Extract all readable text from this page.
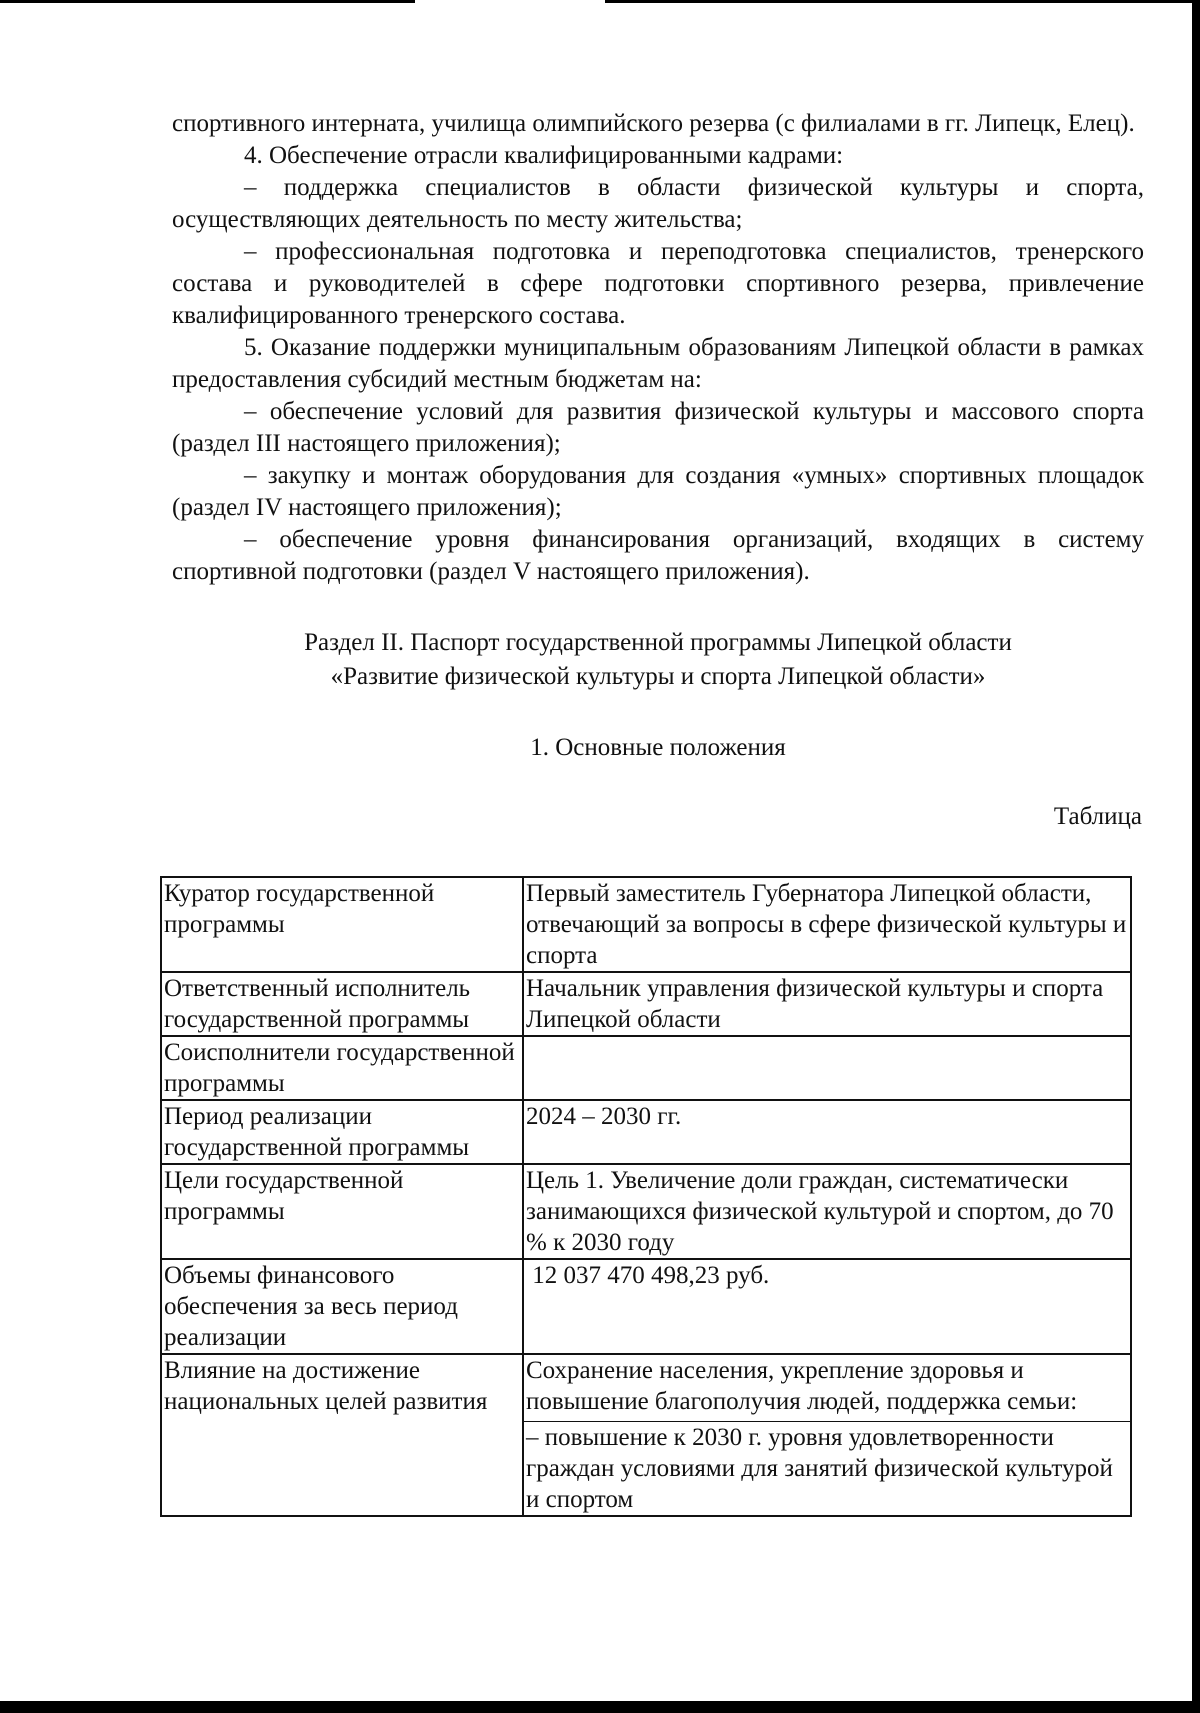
спортивного интерната, училища олимпийского резерва (с филиалами в гг. Липецк, Елец).

4. Обеспечение отрасли квалифицированными кадрами:

– поддержка специалистов в области физической культуры и спорта, осуществляющих деятельность по месту жительства;

– профессиональная подготовка и переподготовка специалистов, тренерского состава и руководителей в сфере подготовки спортивного резерва, привлечение квалифицированного тренерского состава.

5. Оказание поддержки муниципальным образованиям Липецкой области в рамках предоставления субсидий местным бюджетам на:

– обеспечение условий для развития физической культуры и массового спорта (раздел III настоящего приложения);

– закупку и монтаж оборудования для создания «умных» спортивных площадок (раздел IV настоящего приложения);

– обеспечение уровня финансирования организаций, входящих в систему спортивной подготовки (раздел V настоящего приложения).

Раздел II. Паспорт государственной программы Липецкой области
«Развитие физической культуры и спорта Липецкой области»
1. Основные положения
Таблица
Куратор государственной программы	Первый заместитель Губернатора Липецкой области, отвечающий за вопросы в сфере физической культуры и спорта
Ответственный исполнитель государственной программы	Начальник управления физической культуры и спорта Липецкой области
Соисполнители государственной программы	
Период реализации государственной программы	2024 – 2030 гг.
Цели государственной программы	Цель 1. Увеличение доли граждан, систематически занимающихся физической культурой и спортом, до 70 % к 2030 году
Объемы финансового обеспечения за весь период реализации	12 037 470 498,23 руб.
Влияние на достижение национальных целей развития	Сохранение населения, укрепление здоровья и повышение благополучия людей, поддержка семьи:
– повышение к 2030 г. уровня удовлетворенности граждан условиями для занятий физической культурой и спортом
